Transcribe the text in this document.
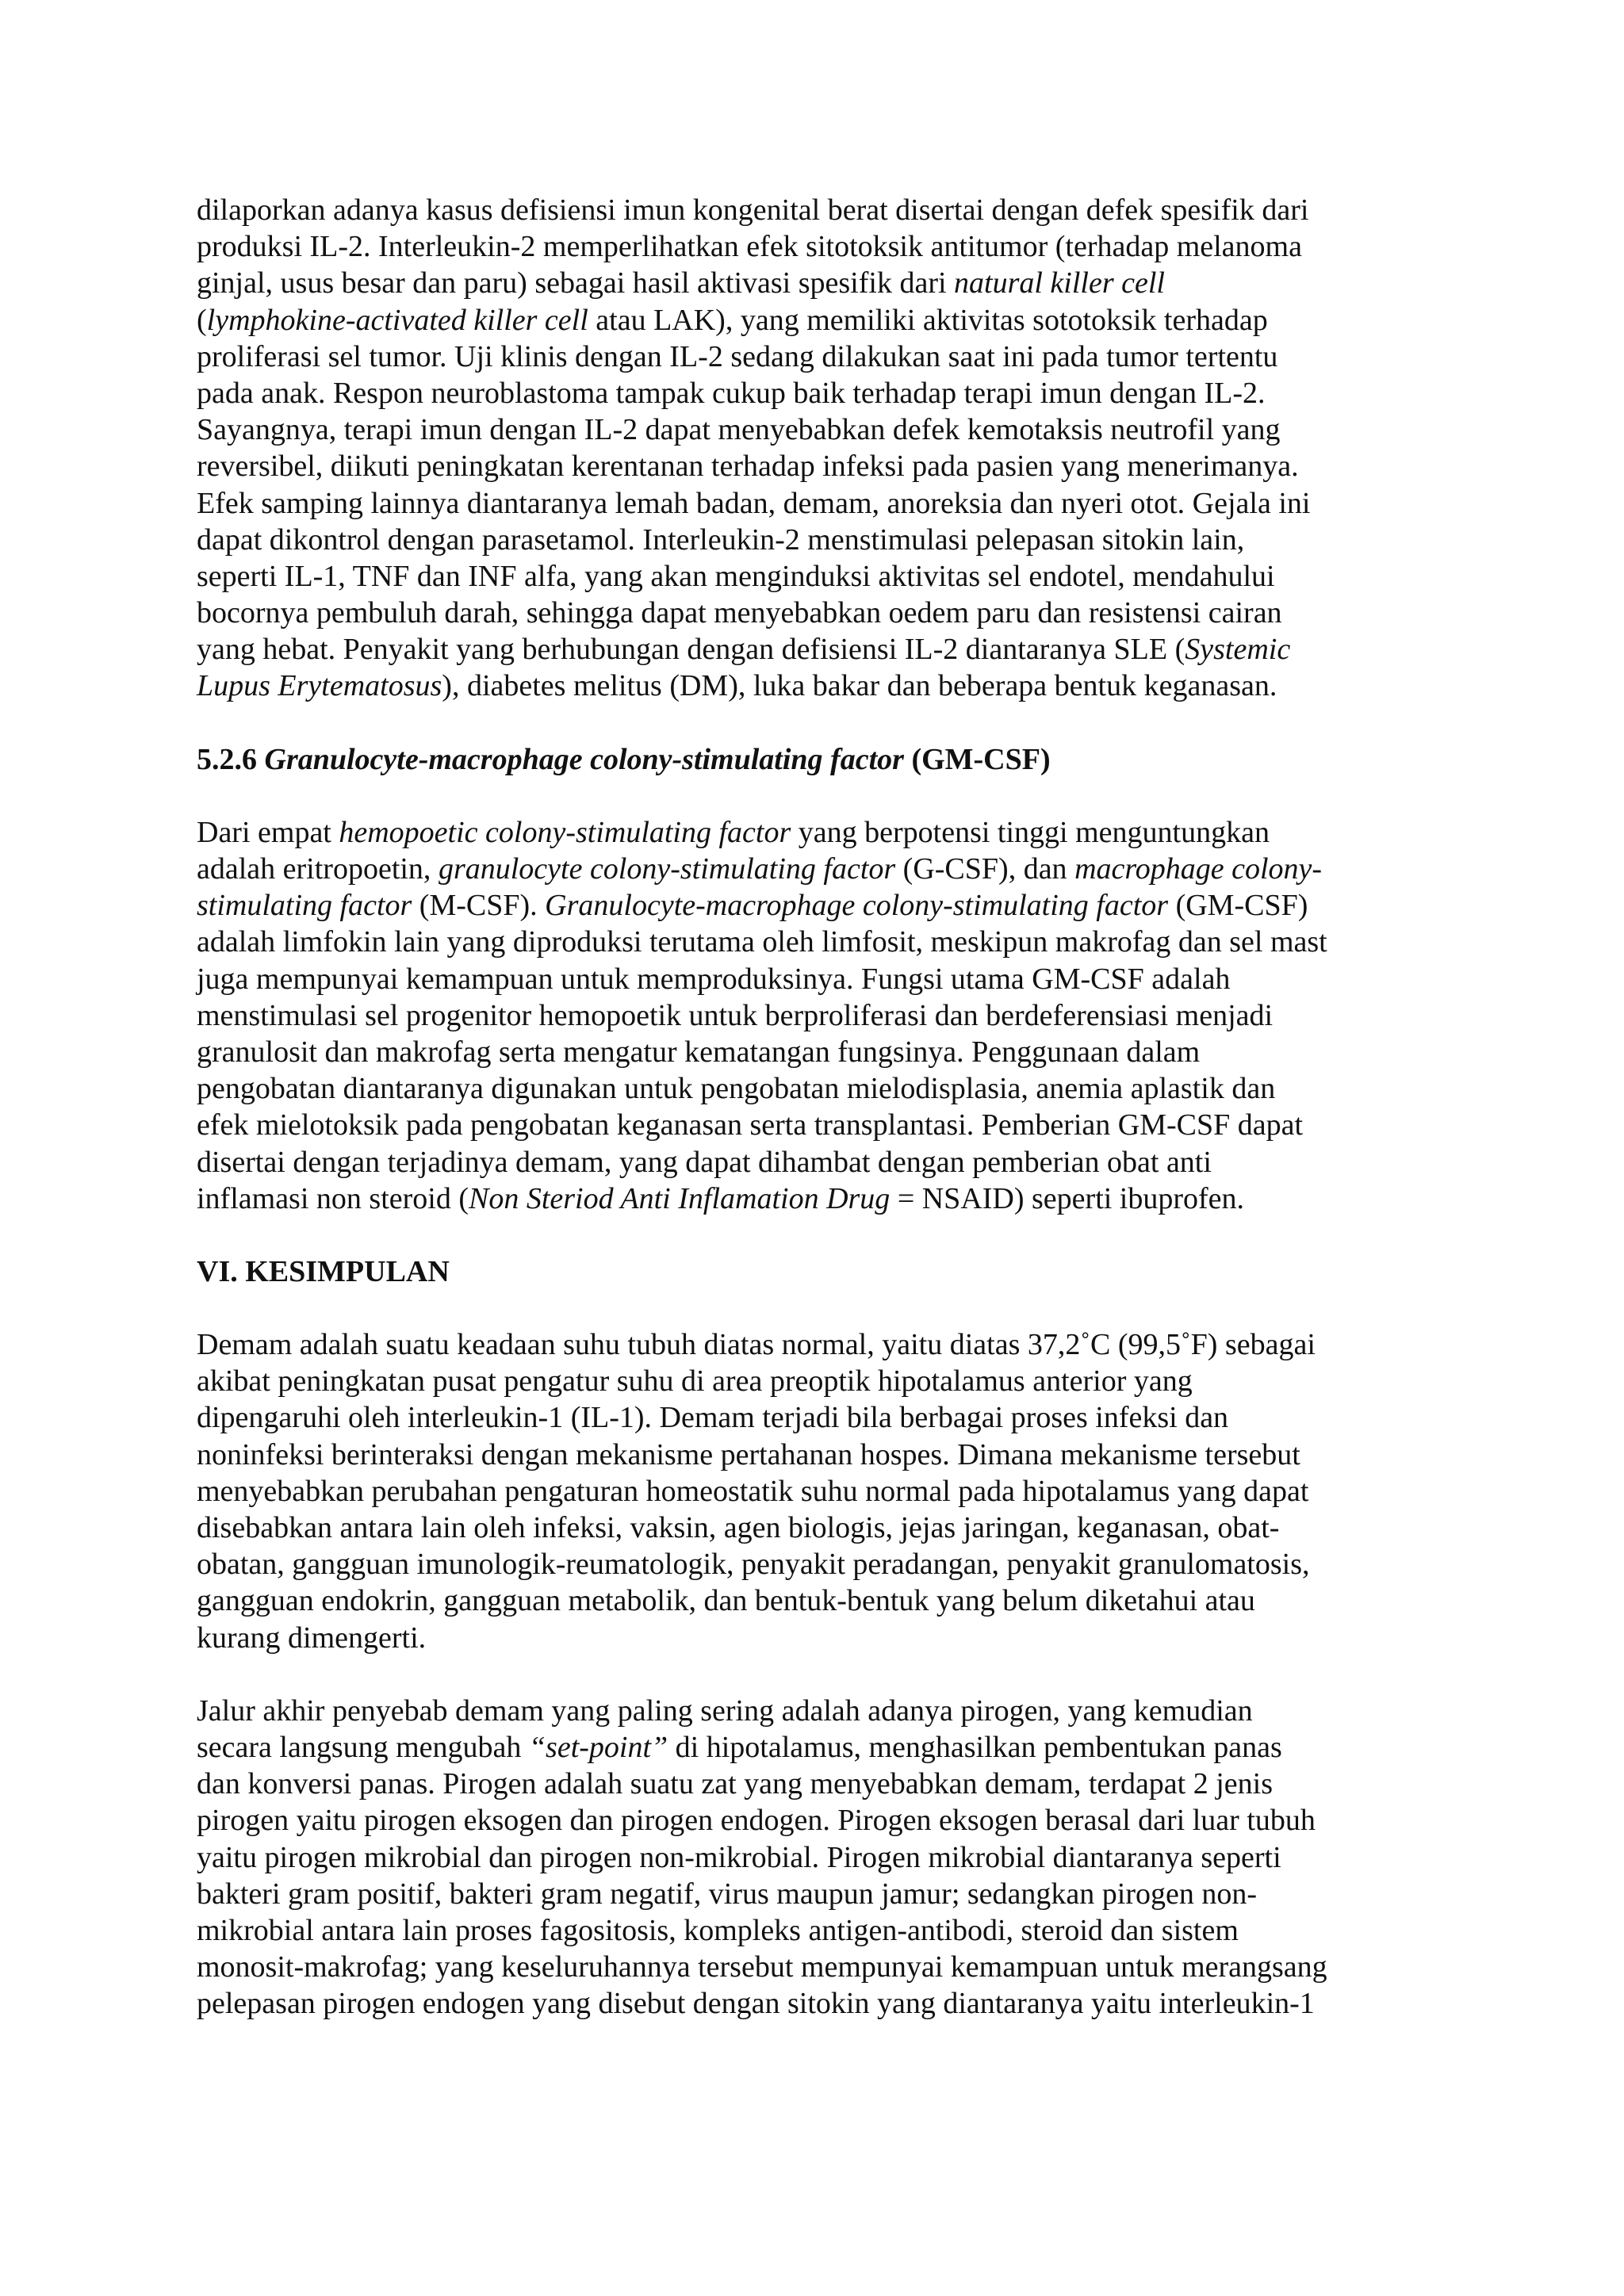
dilaporkan adanya kasus defisiensi imun kongenital berat disertai dengan defek spesifik dari
produksi IL-2. Interleukin-2 memperlihatkan efek sitotoksik antitumor (terhadap melanoma
ginjal, usus besar dan paru) sebagai hasil aktivasi spesifik dari natural killer cell
(lymphokine-activated killer cell atau LAK), yang memiliki aktivitas sototoksik terhadap
proliferasi sel tumor. Uji klinis dengan IL-2 sedang dilakukan saat ini pada tumor tertentu
pada anak. Respon neuroblastoma tampak cukup baik terhadap terapi imun dengan IL-2.
Sayangnya, terapi imun dengan IL-2 dapat menyebabkan defek kemotaksis neutrofil yang
reversibel, diikuti peningkatan kerentanan terhadap infeksi pada pasien yang menerimanya.
Efek samping lainnya diantaranya lemah badan, demam, anoreksia dan nyeri otot. Gejala ini
dapat dikontrol dengan parasetamol. Interleukin-2 menstimulasi pelepasan sitokin lain,
seperti IL-1, TNF dan INF alfa, yang akan menginduksi aktivitas sel endotel, mendahului
bocornya pembuluh darah, sehingga dapat menyebabkan oedem paru dan resistensi cairan
yang hebat. Penyakit yang berhubungan dengan defisiensi IL-2 diantaranya SLE (Systemic
Lupus Erytematosus), diabetes melitus (DM), luka bakar dan beberapa bentuk keganasan.
5.2.6 Granulocyte-macrophage colony-stimulating factor (GM-CSF)
Dari empat hemopoetic colony-stimulating factor yang berpotensi tinggi menguntungkan
adalah eritropoetin, granulocyte colony-stimulating factor (G-CSF), dan macrophage colony-
stimulating factor (M-CSF). Granulocyte-macrophage colony-stimulating factor (GM-CSF)
adalah limfokin lain yang diproduksi terutama oleh limfosit, meskipun makrofag dan sel mast
juga mempunyai kemampuan untuk memproduksinya. Fungsi utama GM-CSF adalah
menstimulasi sel progenitor hemopoetik untuk berproliferasi dan berdeferensiasi menjadi
granulosit dan makrofag serta mengatur kematangan fungsinya. Penggunaan dalam
pengobatan diantaranya digunakan untuk pengobatan mielodisplasia, anemia aplastik dan
efek mielotoksik pada pengobatan keganasan serta transplantasi. Pemberian GM-CSF dapat
disertai dengan terjadinya demam, yang dapat dihambat dengan pemberian obat anti
inflamasi non steroid (Non Steriod Anti Inflamation Drug = NSAID) seperti ibuprofen.
VI. KESIMPULAN
Demam adalah suatu keadaan suhu tubuh diatas normal, yaitu diatas 37,2˚C (99,5˚F) sebagai
akibat peningkatan pusat pengatur suhu di area preoptik hipotalamus anterior yang
dipengaruhi oleh interleukin-1 (IL-1). Demam terjadi bila berbagai proses infeksi dan
noninfeksi berinteraksi dengan mekanisme pertahanan hospes. Dimana mekanisme tersebut
menyebabkan perubahan pengaturan homeostatik suhu normal pada hipotalamus yang dapat
disebabkan antara lain oleh infeksi, vaksin, agen biologis, jejas jaringan, keganasan, obat-
obatan, gangguan imunologik-reumatologik, penyakit peradangan, penyakit granulomatosis,
gangguan endokrin, gangguan metabolik, dan bentuk-bentuk yang belum diketahui atau
kurang dimengerti.
Jalur akhir penyebab demam yang paling sering adalah adanya pirogen, yang kemudian
secara langsung mengubah “set-point” di hipotalamus, menghasilkan pembentukan panas
dan konversi panas. Pirogen adalah suatu zat yang menyebabkan demam, terdapat 2 jenis
pirogen yaitu pirogen eksogen dan pirogen endogen. Pirogen eksogen berasal dari luar tubuh
yaitu pirogen mikrobial dan pirogen non-mikrobial. Pirogen mikrobial diantaranya seperti
bakteri gram positif, bakteri gram negatif, virus maupun jamur; sedangkan pirogen non-
mikrobial antara lain proses fagositosis, kompleks antigen-antibodi, steroid dan sistem
monosit-makrofag; yang keseluruhannya tersebut mempunyai kemampuan untuk merangsang
pelepasan pirogen endogen yang disebut dengan sitokin yang diantaranya yaitu interleukin-1
